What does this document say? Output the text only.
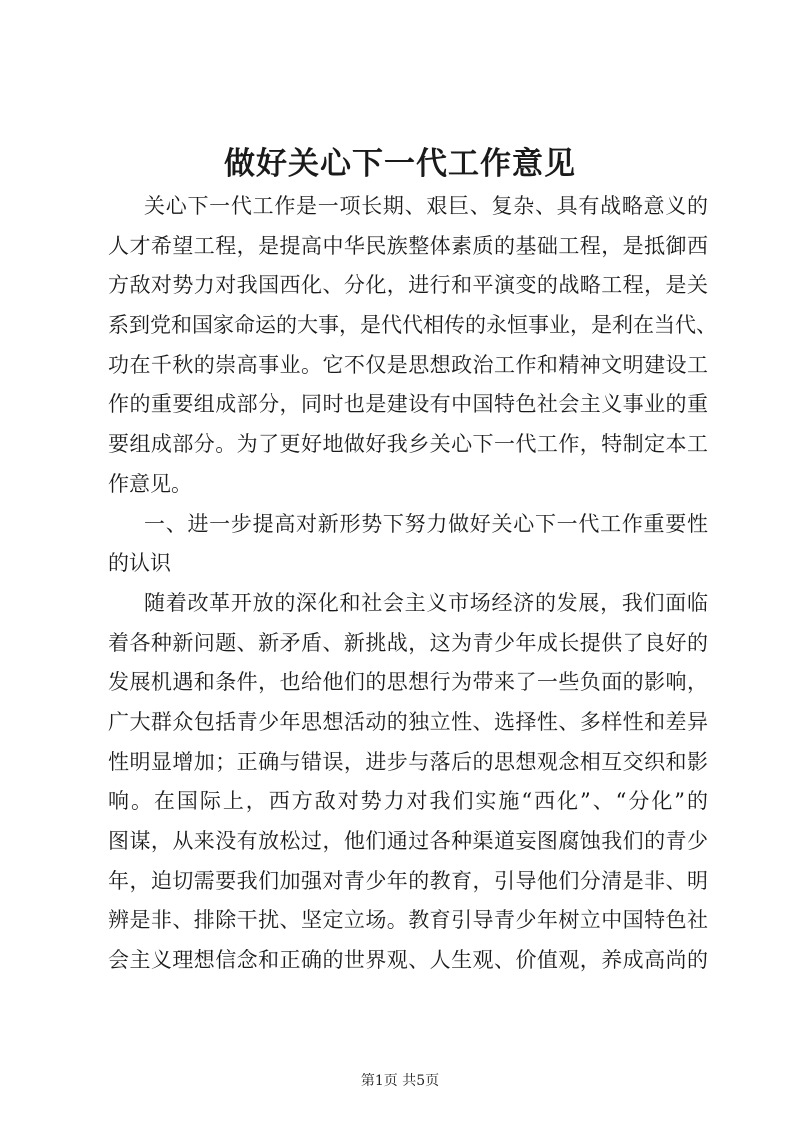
做好关心下一代工作意见
关心下一代工作是一项长期、艰巨、复杂、具有战略意义的
人才希望工程，是提高中华民族整体素质的基础工程，是抵御西
方敌对势力对我国西化、分化，进行和平演变的战略工程，是关
系到党和国家命运的大事，是代代相传的永恒事业，是利在当代、
功在千秋的崇高事业。它不仅是思想政治工作和精神文明建设工
作的重要组成部分，同时也是建设有中国特色社会主义事业的重
要组成部分。为了更好地做好我乡关心下一代工作，特制定本工
作意见。
一、进一步提高对新形势下努力做好关心下一代工作重要性
的认识
随着改革开放的深化和社会主义市场经济的发展，我们面临
着各种新问题、新矛盾、新挑战，这为青少年成长提供了良好的
发展机遇和条件，也给他们的思想行为带来了一些负面的影响，
广大群众包括青少年思想活动的独立性、选择性、多样性和差异
性明显增加；正确与错误，进步与落后的思想观念相互交织和影
响。在国际上，西方敌对势力对我们实施“西化”、“分化”的
图谋，从来没有放松过，他们通过各种渠道妄图腐蚀我们的青少
年，迫切需要我们加强对青少年的教育，引导他们分清是非、明
辨是非、排除干扰、坚定立场。教育引导青少年树立中国特色社
会主义理想信念和正确的世界观、人生观、价值观，养成高尚的
第1页 共5页
